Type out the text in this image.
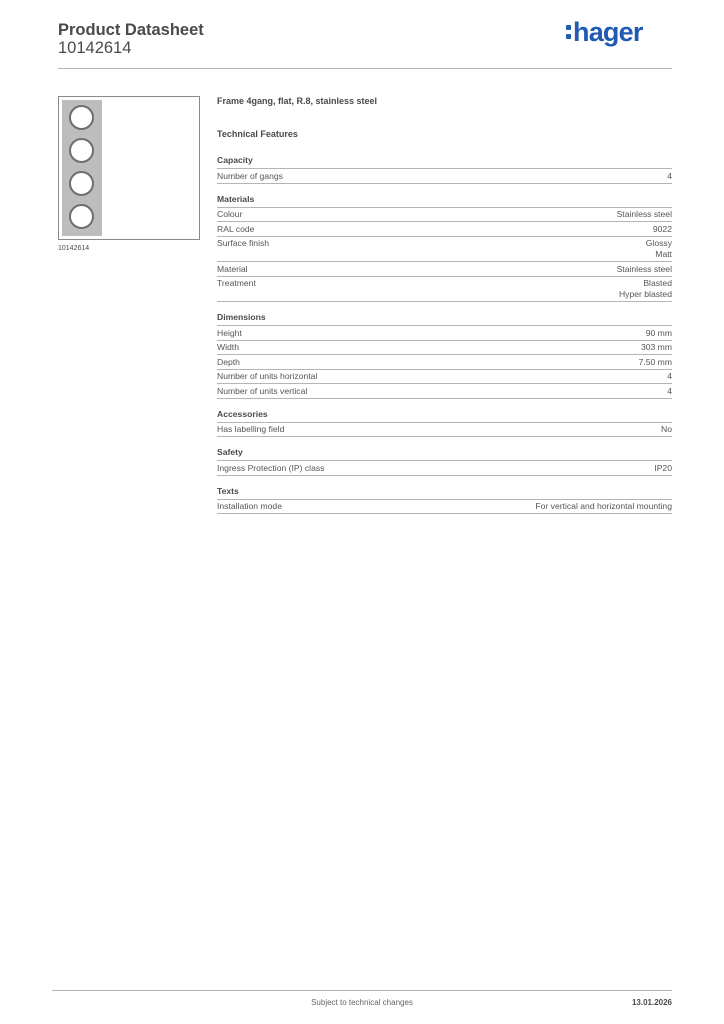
Product Datasheet
10142614
hager
10142614
Frame 4gang, flat, R.8, stainless steel
Technical Features
Capacity
Number of gangs	4
Materials
Colour	Stainless steel
RAL code	9022
Surface finish	Glossy
Matt
Material	Stainless steel
Treatment	Blasted
Hyper blasted
Dimensions
Height	90 mm
Width	303 mm
Depth	7.50 mm
Number of units horizontal	4
Number of units vertical	4
Accessories
Has labelling field	No
Safety
Ingress Protection (IP) class	IP20
Texts
Installation mode	For vertical and horizontal mounting
Subject to technical changes	13.01.2026
